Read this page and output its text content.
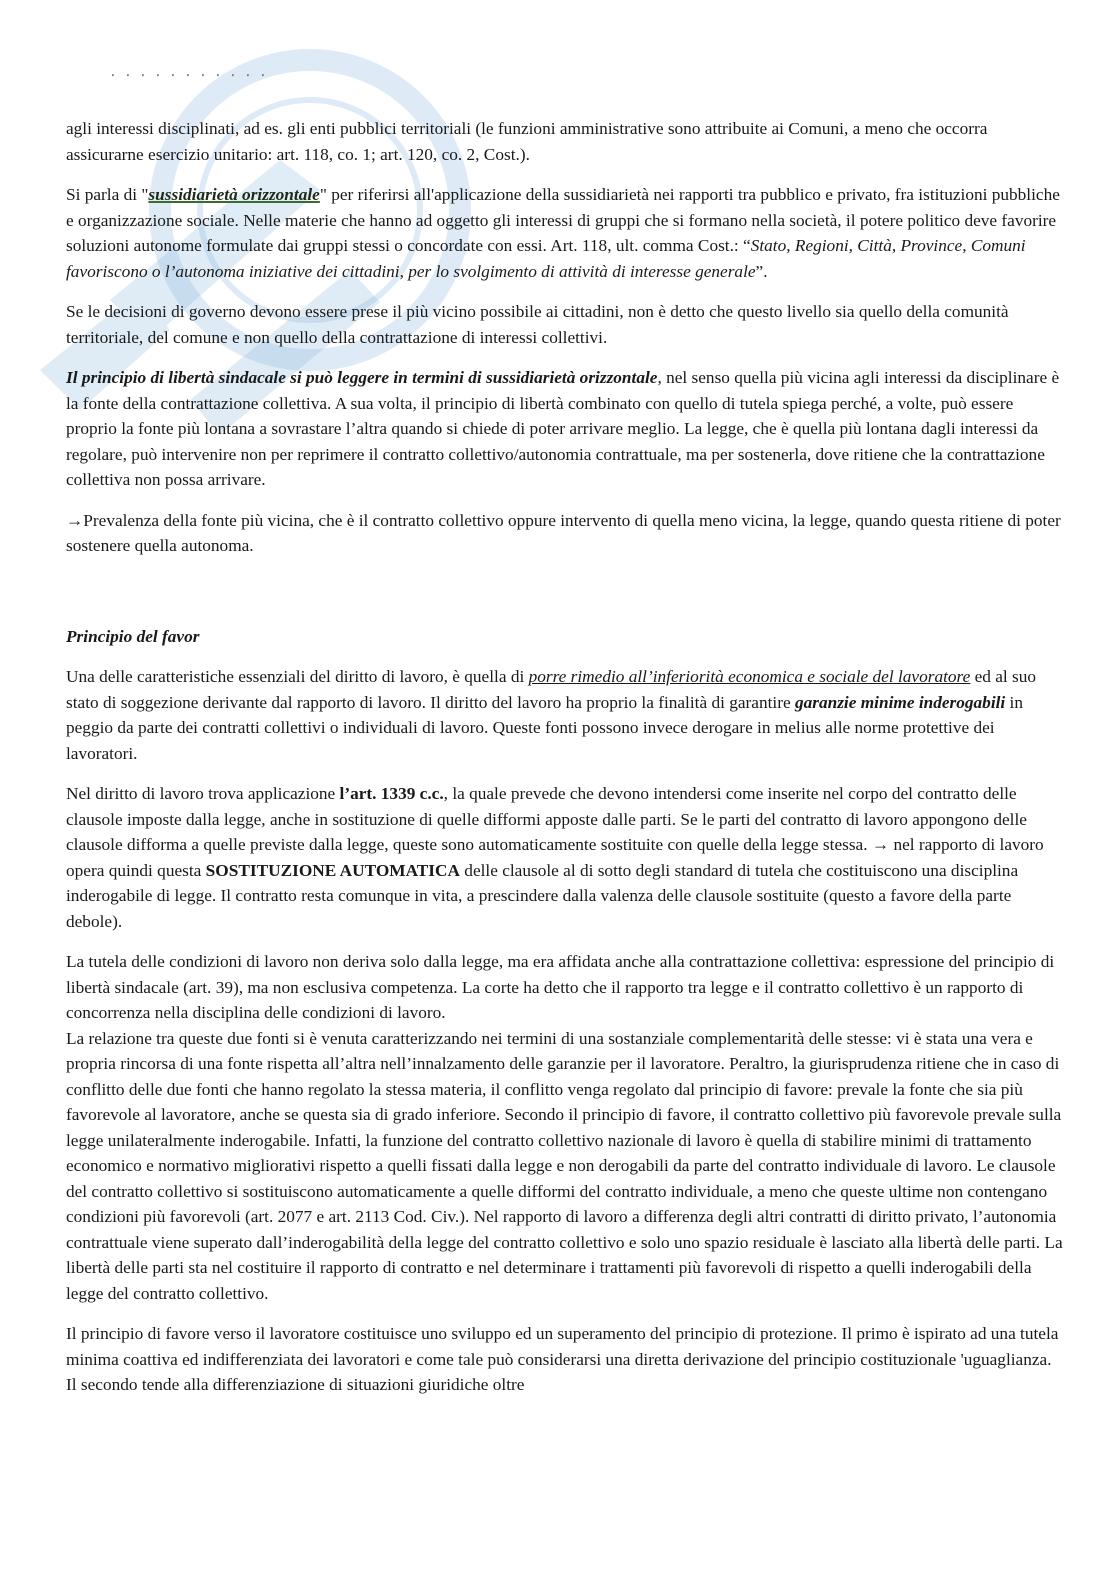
· · · · · · · · · · ·

agli interessi disciplinati, ad es. gli enti pubblici territoriali (le funzioni amministrative sono attribuite ai Comuni, a meno che occorra assicurarne esercizio unitario: art. 118, co. 1; art. 120, co. 2, Cost.).

Si parla di "sussidiarietà orizzontale" per riferirsi all'applicazione della sussidiarietà nei rapporti tra pubblico e privato, fra istituzioni pubbliche e organizzazione sociale. Nelle materie che hanno ad oggetto gli interessi di gruppi che si formano nella società, il potere politico deve favorire soluzioni autonome formulate dai gruppi stessi o concordate con essi. Art. 118, ult. comma Cost.: “Stato, Regioni, Città, Province, Comuni favoriscono o l’autonoma iniziative dei cittadini, per lo svolgimento di attività di interesse generale”.

Se le decisioni di governo devono essere prese il più vicino possibile ai cittadini, non è detto che questo livello sia quello della comunità territoriale, del comune e non quello della contrattazione di interessi collettivi.

Il principio di libertà sindacale si può leggere in termini di sussidiarietà orizzontale, nel senso quella più vicina agli interessi da disciplinare è la fonte della contrattazione collettiva. A sua volta, il principio di libertà combinato con quello di tutela spiega perché, a volte, può essere proprio la fonte più lontana a sovrastare l’altra quando si chiede di poter arrivare meglio. La legge, che è quella più lontana dagli interessi da regolare, può intervenire non per reprimere il contratto collettivo/autonomia contrattuale, ma per sostenerla, dove ritiene che la contrattazione collettiva non possa arrivare.

→Prevalenza della fonte più vicina, che è il contratto collettivo oppure intervento di quella meno vicina, la legge, quando questa ritiene di poter sostenere quella autonoma.

Principio del favor

Una delle caratteristiche essenziali del diritto di lavoro, è quella di porre rimedio all’inferiorità economica e sociale del lavoratore ed al suo stato di soggezione derivante dal rapporto di lavoro. Il diritto del lavoro ha proprio la finalità di garantire garanzie minime inderogabili in peggio da parte dei contratti collettivi o individuali di lavoro. Queste fonti possono invece derogare in melius alle norme protettive dei lavoratori.

Nel diritto di lavoro trova applicazione l’art. 1339 c.c., la quale prevede che devono intendersi come inserite nel corpo del contratto delle clausole imposte dalla legge, anche in sostituzione di quelle difformi apposte dalle parti. Se le parti del contratto di lavoro appongono delle clausole difforma a quelle previste dalla legge, queste sono automaticamente sostituite con quelle della legge stessa. → nel rapporto di lavoro opera quindi questa SOSTITUZIONE AUTOMATICA delle clausole al di sotto degli standard di tutela che costituiscono una disciplina inderogabile di legge. Il contratto resta comunque in vita, a prescindere dalla valenza delle clausole sostituite (questo a favore della parte debole).

La tutela delle condizioni di lavoro non deriva solo dalla legge, ma era affidata anche alla contrattazione collettiva: espressione del principio di libertà sindacale (art. 39), ma non esclusiva competenza. La corte ha detto che il rapporto tra legge e il contratto collettivo è un rapporto di concorrenza nella disciplina delle condizioni di lavoro.

La relazione tra queste due fonti si è venuta caratterizzando nei termini di una sostanziale complementarità delle stesse: vi è stata una vera e propria rincorsa di una fonte rispetta all’altra nell’innalzamento delle garanzie per il lavoratore. Peraltro, la giurisprudenza ritiene che in caso di conflitto delle due fonti che hanno regolato la stessa materia, il conflitto venga regolato dal principio di favore: prevale la fonte che sia più favorevole al lavoratore, anche se questa sia di grado inferiore. Secondo il principio di favore, il contratto collettivo più favorevole prevale sulla legge unilateralmente inderogabile. Infatti, la funzione del contratto collettivo nazionale di lavoro è quella di stabilire minimi di trattamento economico e normativo migliorativi rispetto a quelli fissati dalla legge e non derogabili da parte del contratto individuale di lavoro. Le clausole del contratto collettivo si sostituiscono automaticamente a quelle difformi del contratto individuale, a meno che queste ultime non contengano condizioni più favorevoli (art. 2077 e art. 2113 Cod. Civ.). Nel rapporto di lavoro a differenza degli altri contratti di diritto privato, l’autonomia contrattuale viene superato dall’inderogabilità della legge del contratto collettivo e solo uno spazio residuale è lasciato alla libertà delle parti. La libertà delle parti sta nel costituire il rapporto di contratto e nel determinare i trattamenti più favorevoli di rispetto a quelli inderogabili della legge del contratto collettivo.

Il principio di favore verso il lavoratore costituisce uno sviluppo ed un superamento del principio di protezione. Il primo è ispirato ad una tutela minima coattiva ed indifferenziata dei lavoratori e come tale può considerarsi una diretta derivazione del principio costituzionale 'uguaglianza. Il secondo tende alla differenziazione di situazioni giuridiche oltre
